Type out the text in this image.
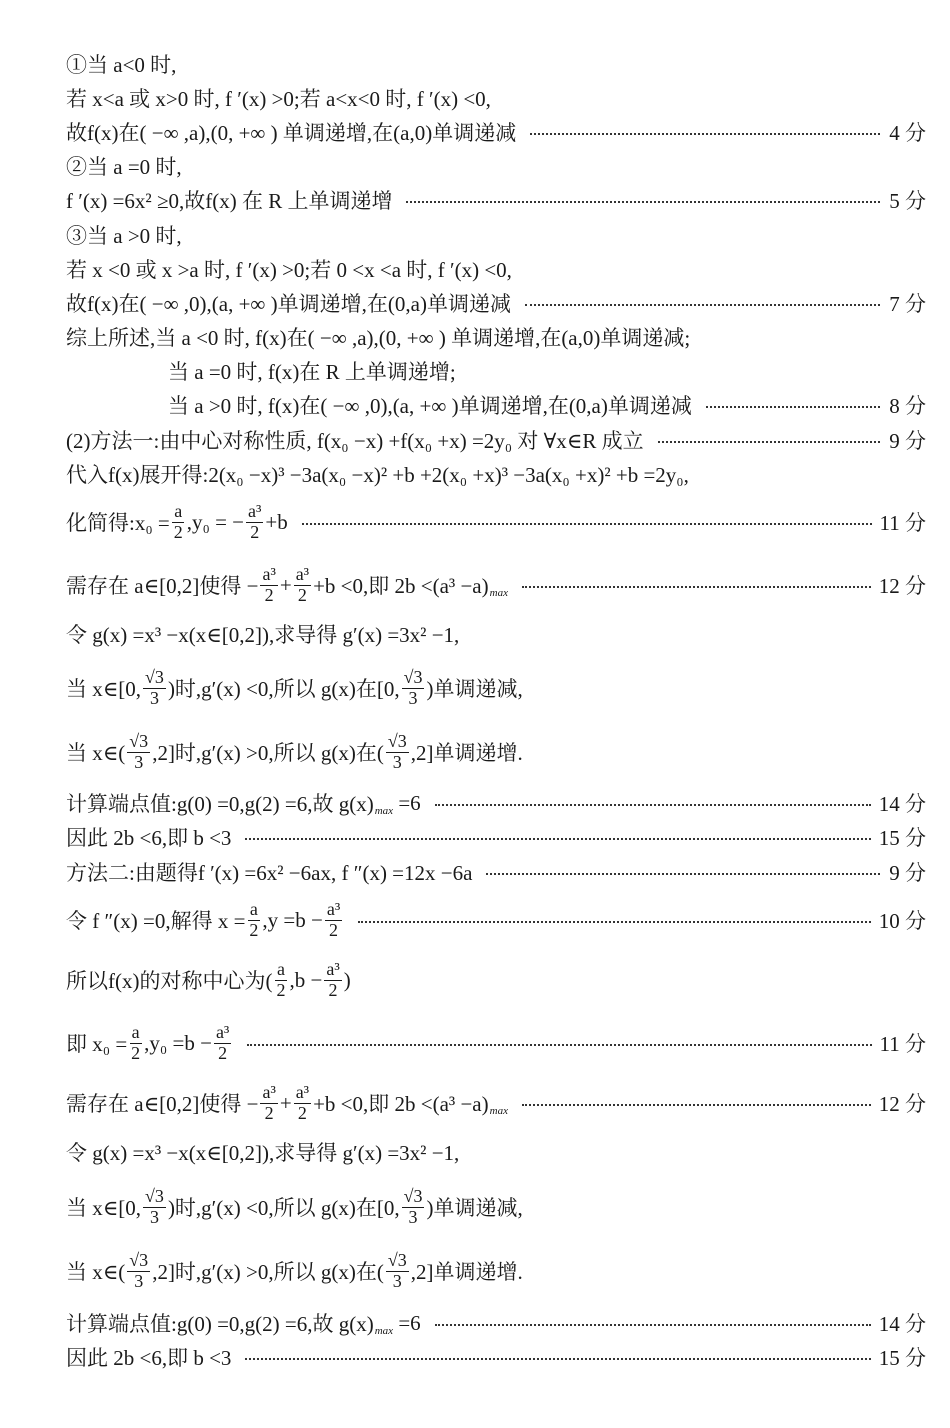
①当 a<0 时,
若 x<a 或 x>0 时, f ′(x) >0;若 a<x<0 时, f ′(x) <0,
故f(x)在( −∞ ,a),(0, +∞ ) 单调递增,在(a,0)单调递减	4 分
②当 a =0 时,
f ′(x) =6x² ≥0,故f(x) 在 R 上单调递增	5 分
③当 a >0 时,
若 x <0 或 x >a 时, f ′(x) >0;若 0 <x <a 时, f ′(x) <0,
故f(x)在( −∞ ,0),(a, +∞ )单调递增,在(0,a)单调递减	7 分
综上所述,当 a <0 时, f(x)在( −∞ ,a),(0, +∞ ) 单调递增,在(a,0)单调递减;
当 a =0 时, f(x)在 R 上单调递增;
当 a >0 时, f(x)在( −∞ ,0),(a, +∞ )单调递增,在(0,a)单调递减	8 分
(2)方法一:由中心对称性质, f(x₀ −x) +f(x₀ +x) =2y₀ 对 ∀x∈R 成立	9 分
代入f(x)展开得:2(x₀ −x)³ −3a(x₀ −x)² +b +2(x₀ +x)³ −3a(x₀ +x)² +b =2y₀,
化简得:x₀ = $\frac{a}{2} ,y_0$ = − $\frac{\text{a³}}{2} +b$	11 分
需存在 a∈[0,2]使得 − $\frac{\text{a³}}{2} + \frac{\text{a³}}{2} +b <0$,即 2b <(a³ −a) max	12 分
令 g(x) =x³ −x(x∈[0,2]),求导得 g′(x) =3x² −1,
当 x∈[0, $\frac{√3}{3}$ )时,g′(x) <0,所以 g(x)在[0, $\frac{√3}{3}$ )单调递减,
当 x∈( $\frac{√3}{3} ,2$]时,g′(x) >0,所以 g(x)在( $\frac{√3}{3} ,2$]单调递增.
计算端点值:g(0) =0,g(2) =6,故 g(x) max =6	14 分
因此 2b <6,即 b <3	15 分
方法二:由题得f ′(x) =6x² −6ax, f ″(x) =12x −6a	9 分
令 f ″(x) =0,解得 $x = \frac{a}{2} ,y =b - \frac{\text{a³}}{2}$	10 分
所以f(x)的对称中心为( $\frac{a}{2} ,b - \frac{\text{a³}}{2}$ )
即 $x_0 = \frac{a}{2} ,y_0 =b - \frac{\text{a³}}{2}$	11 分
需存在 a∈[0,2]使得 − $\frac{\text{a³}}{2} + \frac{\text{a³}}{2} +b <0$,即 2b <(a³ −a) max	12 分
令 g(x) =x³ −x(x∈[0,2]),求导得 g′(x) =3x² −1,
当 x∈[0, $\frac{√3}{3}$ )时,g′(x) <0,所以 g(x)在[0, $\frac{√3}{3}$ )单调递减,
当 x∈( $\frac{√3}{3} ,2$]时,g′(x) >0,所以 g(x)在( $\frac{√3}{3} ,2$]单调递增.
计算端点值:g(0) =0,g(2) =6,故 g(x) max =6	14 分
因此 2b <6,即 b <3	15 分
